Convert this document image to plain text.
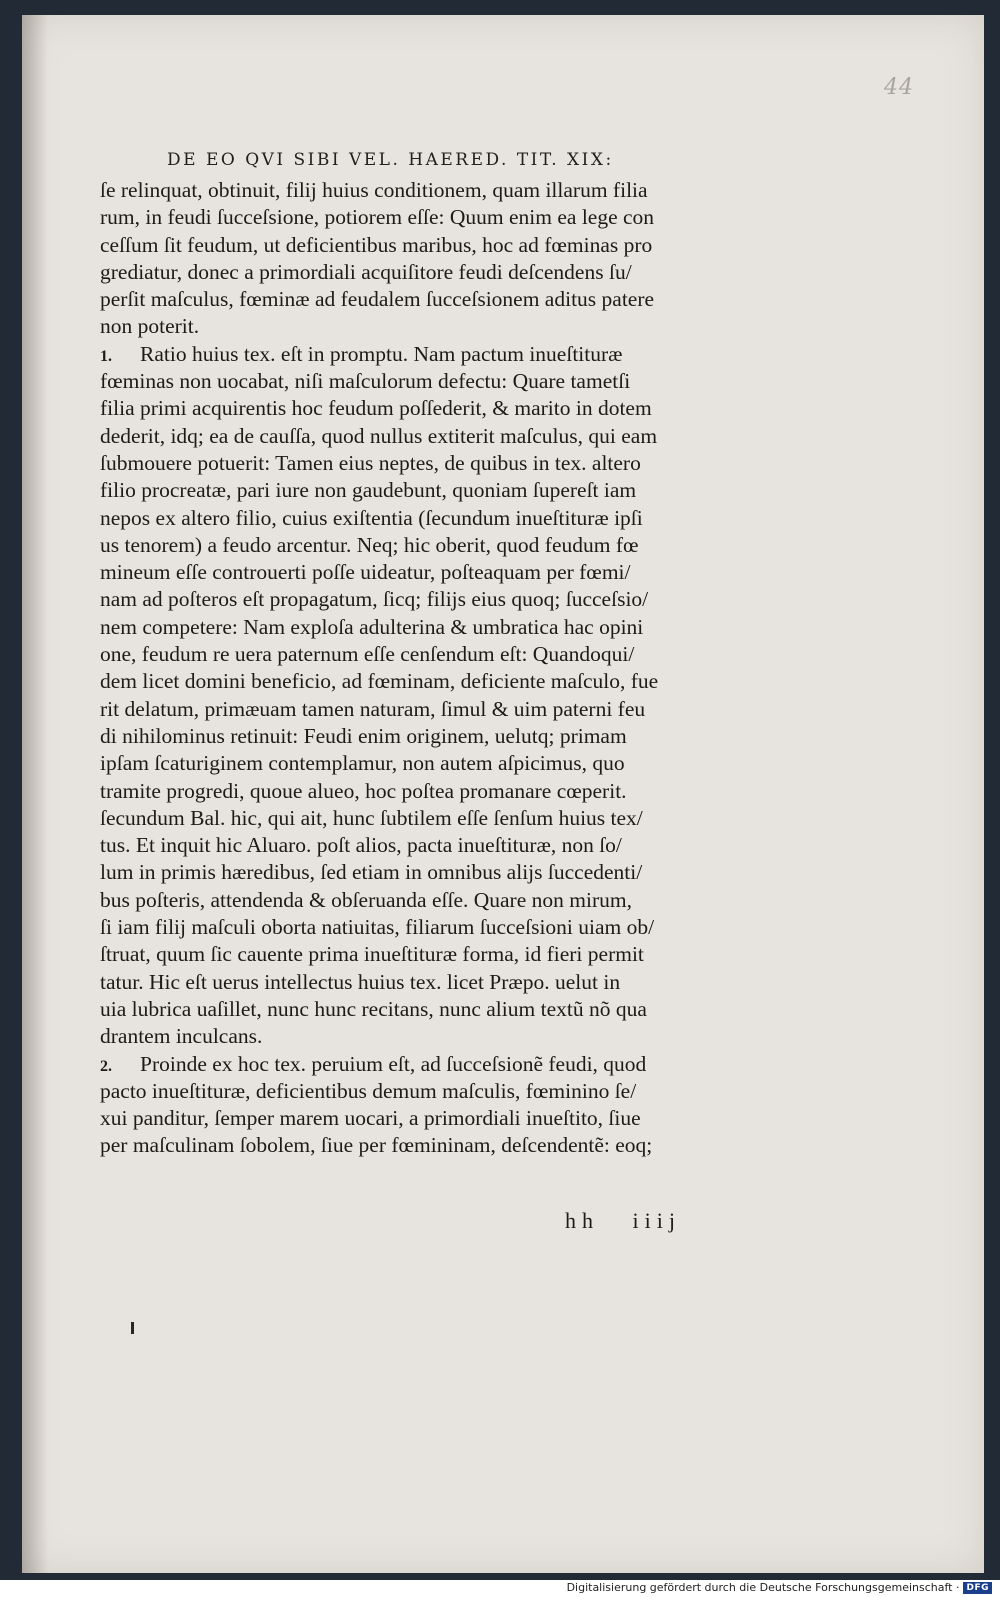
44
DE EO QVI SIBI VEL. HAERED. TIT. XIX:
ſe relinquat, obtinuit, filij huius conditionem, quam illarum filia
rum, in feudi ſucceſsione, potiorem eſſe: Quum enim ea lege con
ceſſum ſit feudum, ut deficientibus maribus, hoc ad fœminas pro
grediatur, donec a primordiali acquiſitore feudi deſcendens ſu/
perſit maſculus, fœminæ ad feudalem ſucceſsionem aditus patere
non poterit.
1. Ratio huius tex. eſt in promptu. Nam pactum inueſtituræ
fœminas non uocabat, niſi maſculorum defectu: Quare tametſi
filia primi acquirentis hoc feudum poſſederit, & marito in dotem
dederit, idq; ea de cauſſa, quod nullus extiterit maſculus, qui eam
ſubmouere potuerit: Tamen eius neptes, de quibus in tex. altero
filio procreatæ, pari iure non gaudebunt, quoniam ſupereſt iam
nepos ex altero filio, cuius exiſtentia (ſecundum inueſtituræ ipſi
us tenorem) a feudo arcentur. Neq; hic oberit, quod feudum fœ
mineum eſſe controuerti poſſe uideatur, poſteaquam per fœmi/
nam ad poſteros eſt propagatum, ſicq; filijs eius quoq; ſucceſsio/
nem competere: Nam exploſa adulterina & umbratica hac opini
one, feudum re uera paternum eſſe cenſendum eſt: Quandoqui/
dem licet domini beneficio, ad fœminam, deficiente maſculo, fue
rit delatum, primæuam tamen naturam, ſimul & uim paterni feu
di nihilominus retinuit: Feudi enim originem, uelutq; primam
ipſam ſcaturiginem contemplamur, non autem aſpicimus, quo
tramite progredi, quoue alueo, hoc poſtea promanare cœperit.
ſecundum Bal. hic, qui ait, hunc ſubtilem eſſe ſenſum huius tex/
tus. Et inquit hic Aluaro. poſt alios, pacta inueſtituræ, non ſo/
lum in primis hæredibus, ſed etiam in omnibus alijs ſuccedenti/
bus poſteris, attendenda & obſeruanda eſſe. Quare non mirum,
ſi iam filij maſculi oborta natiuitas, filiarum ſucceſsioni uiam ob/
ſtruat, quum ſic cauente prima inueſtituræ forma, id fieri permit
tatur. Hic eſt uerus intellectus huius tex. licet Præpo. uelut in
uia lubrica uaſillet, nunc hunc recitans, nunc alium textũ nõ qua
drantem inculcans.
2. Proinde ex hoc tex. peruium eſt, ad ſucceſsionẽ feudi, quod
pacto inueſtituræ, deficientibus demum maſculis, fœminino ſe/
xui panditur, ſemper marem uocari, a primordiali inueſtito, ſiue
per maſculinam ſobolem, ſiue per fœmininam, deſcendentẽ: eoq;
hh iiij
Digitalisierung gefördert durch die Deutsche Forschungsgemeinschaft · DFG
